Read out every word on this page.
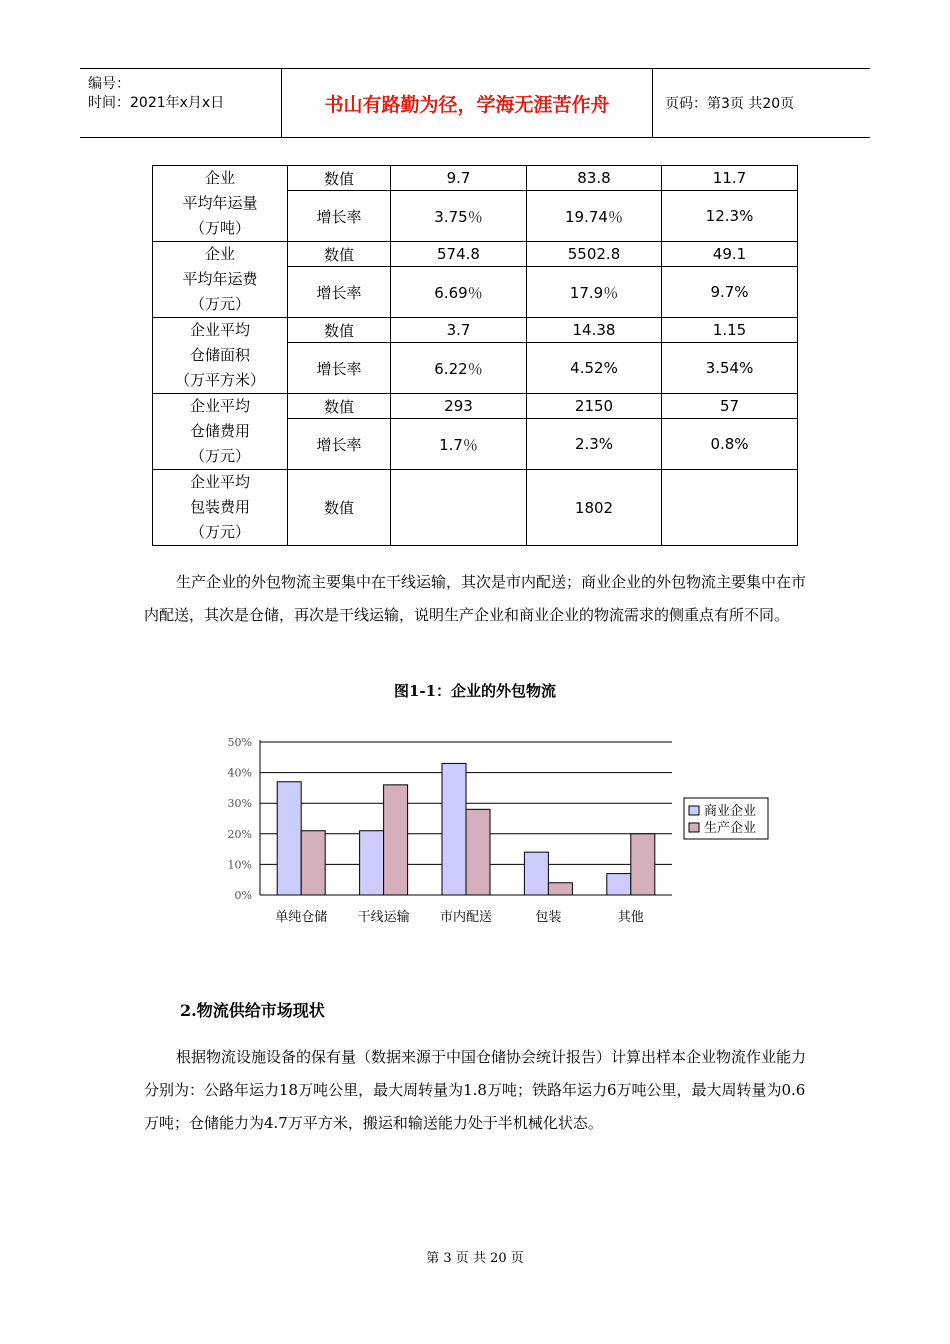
编号：
时间：2021年x月x日	书山有路勤为径，学海无涯苦作舟	页码：第3页 共20页
企业
平均年运量
（万吨）	数值	9.7	83.8	11.7
	增长率	3.75％	19.74％	12.3%

企业
平均年运费
（万元）	数值	574.8	5502.8	49.1
	增长率	6.69％	17.9％	9.7%

企业平均
仓储面积
（万平方米）	数值	3.7	14.38	1.15
	增长率	6.22％	4.52%	3.54%

企业平均
仓储费用
（万元）	数值	293	2150	57
	增长率	1.7％	2.3%	0.8%

企业平均
包装费用
（万元）	数值		1802	
生产企业的外包物流主要集中在干线运输，其次是市内配送；商业企业的外包物流主要集中在市内配送，其次是仓储，再次是干线运输，说明生产企业和商业企业的物流需求的侧重点有所不同。
图1-1：企业的外包物流
0%
10%
20%
30%
40%
50%
单纯仓储 干线运输 市内配送	包装	其他
商业企业
生产企业
2.物流供给市场现状
根据物流设施设备的保有量（数据来源于中国仓储协会统计报告）计算出样本企业物流作业能力分别为：公路年运力18万吨公里，最大周转量为1.8万吨；铁路年运力6万吨公里，最大周转量为0.6万吨；仓储能力为4.7万平方米，搬运和输送能力处于半机械化状态。
第 3 页 共 20 页
